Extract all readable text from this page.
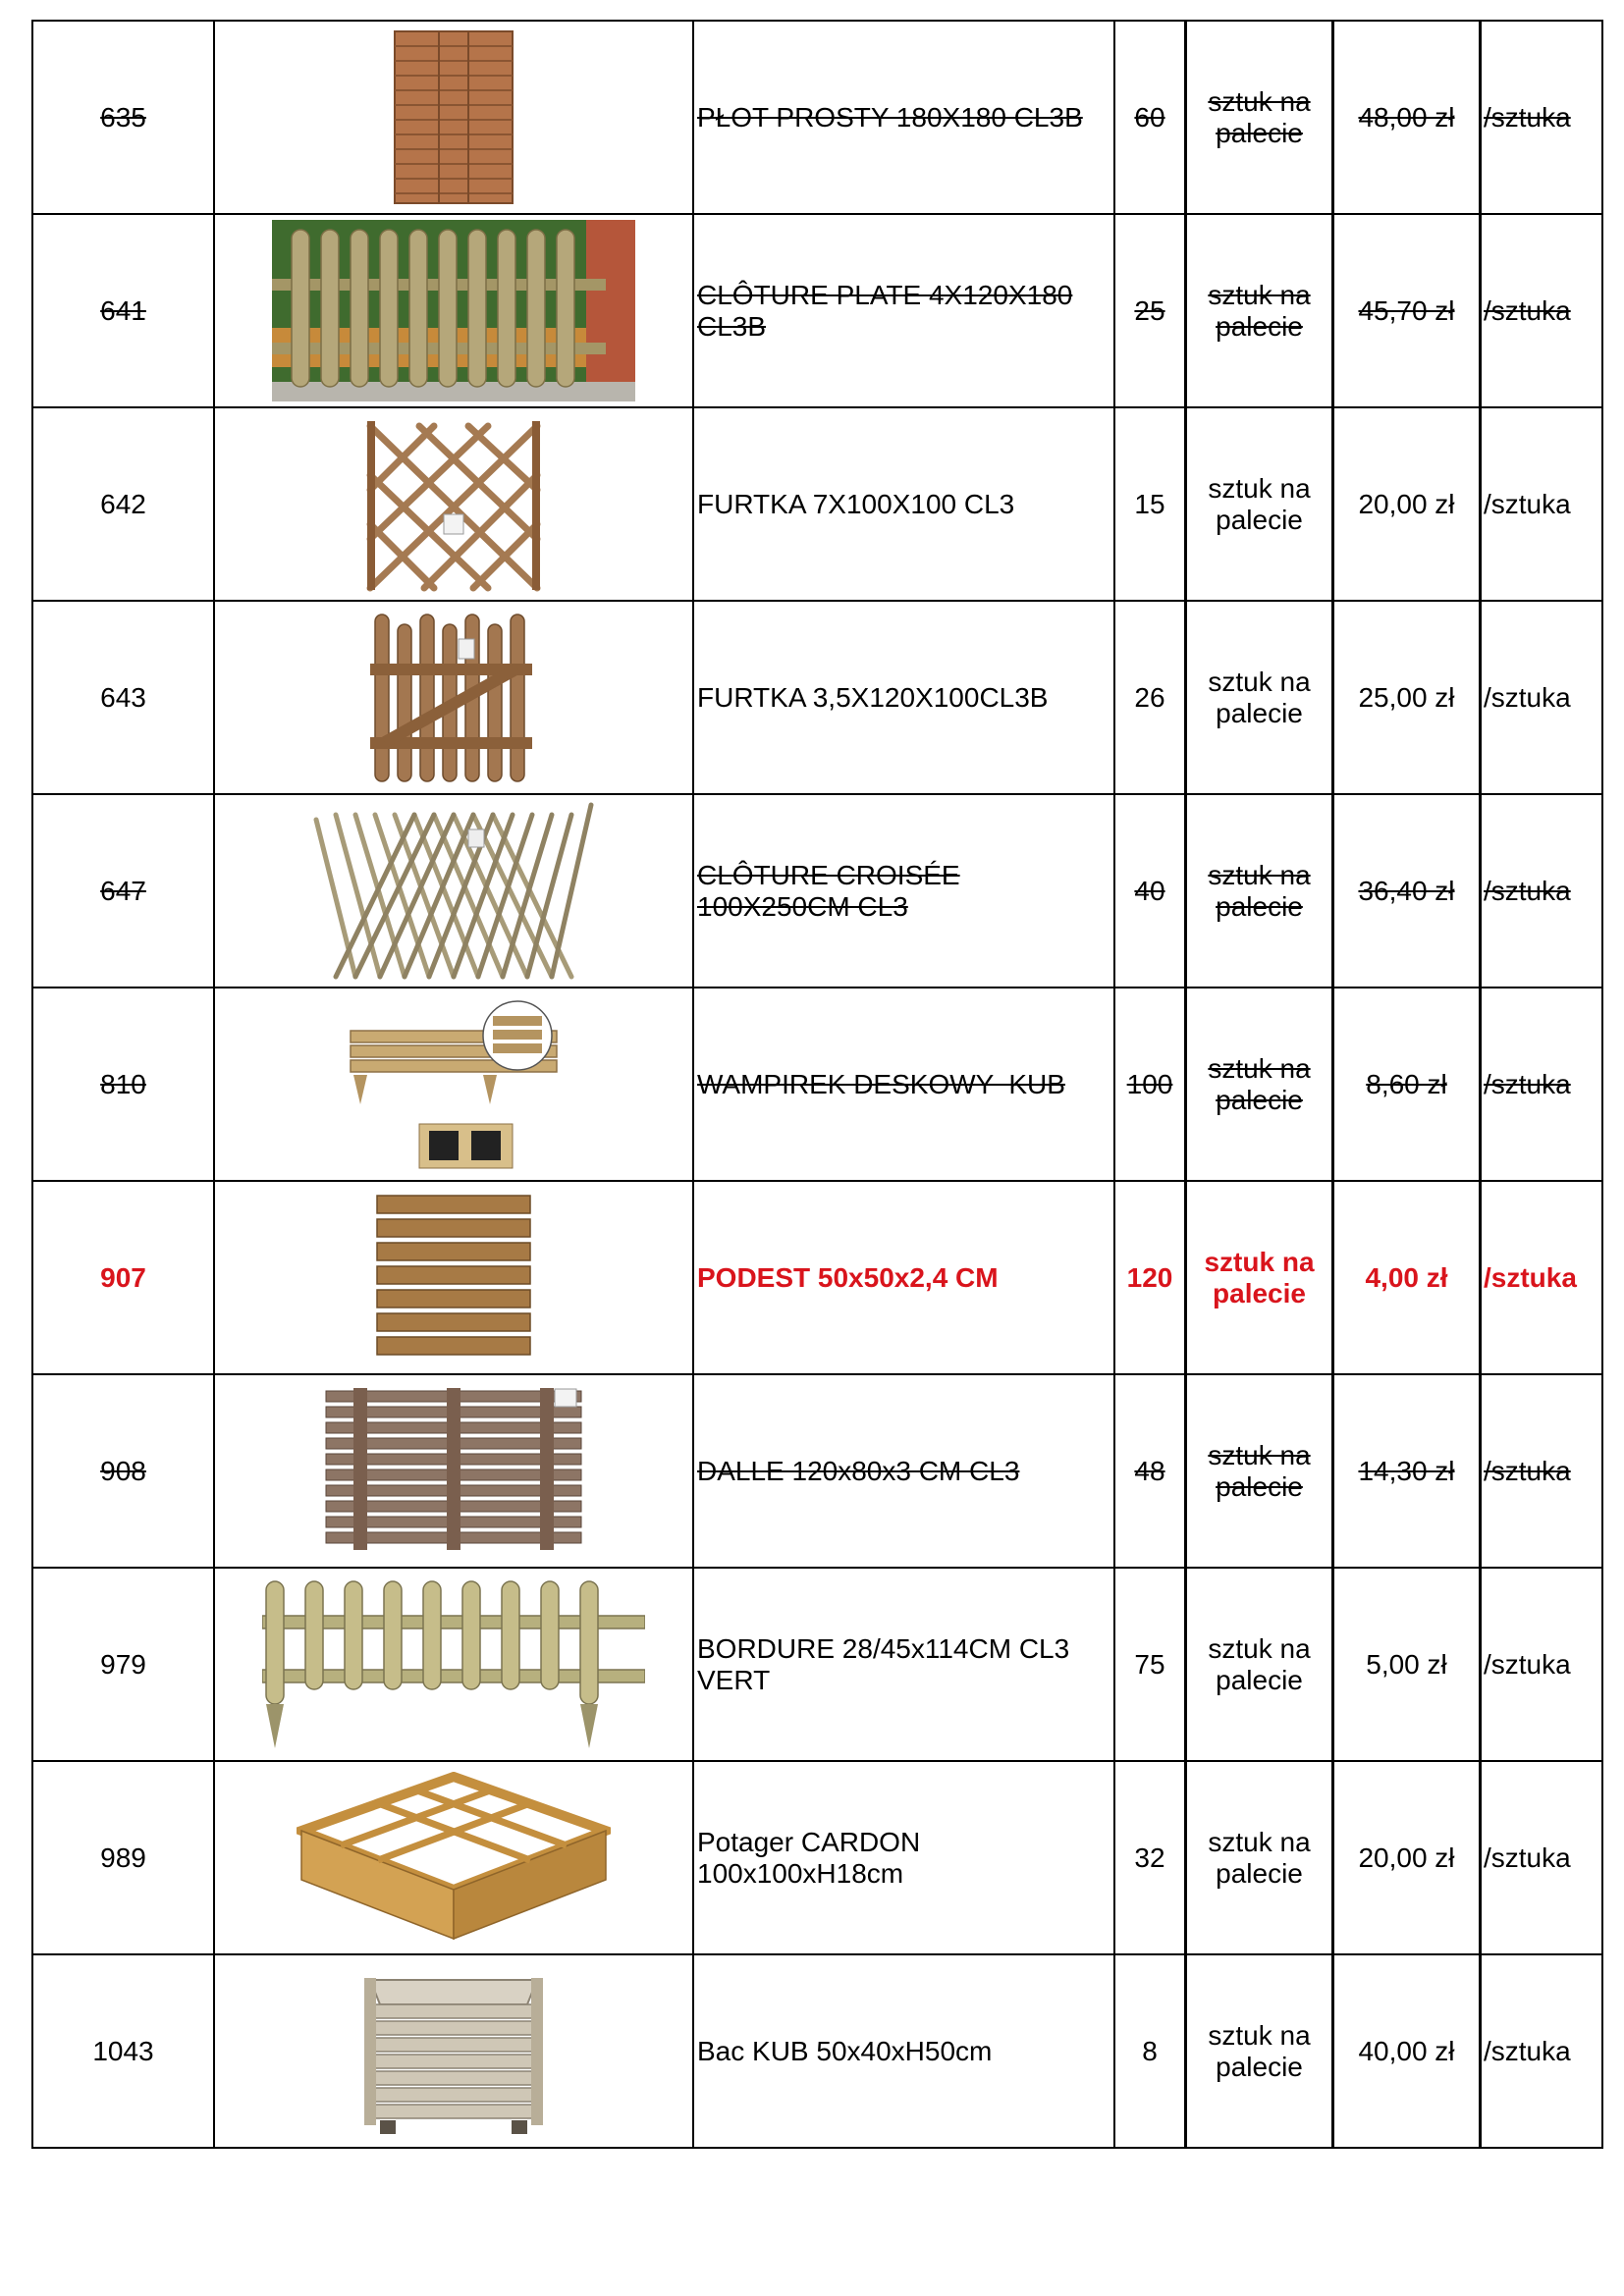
635		PŁOT PROSTY 180X180 CL3B	60	sztuk na palecie	48,00 zł	/sztuka
641		CLÔTURE PLATE 4X120X180 CL3B	25	sztuk na palecie	45,70 zł	/sztuka
642		FURTKA 7X100X100 CL3	15	sztuk na palecie	20,00 zł	/sztuka
643		FURTKA 3,5X120X100CL3B	26	sztuk na palecie	25,00 zł	/sztuka
647		CLÔTURE CROISÉE 100X250CM CL3	40	sztuk na palecie	36,40 zł	/sztuka
810		WAMPIREK DESKOWY  KUB	100	sztuk na palecie	8,60 zł	/sztuka
907		PODEST 50x50x2,4 CM	120	sztuk na palecie	4,00 zł	/sztuka
908		DALLE 120x80x3 CM CL3	48	sztuk na palecie	14,30 zł	/sztuka
979		BORDURE 28/45x114CM CL3 VERT	75	sztuk na palecie	5,00 zł	/sztuka
989		Potager CARDON 100x100xH18cm	32	sztuk na palecie	20,00 zł	/sztuka
1043		Bac KUB 50x40xH50cm	8	sztuk na palecie	40,00 zł	/sztuka
